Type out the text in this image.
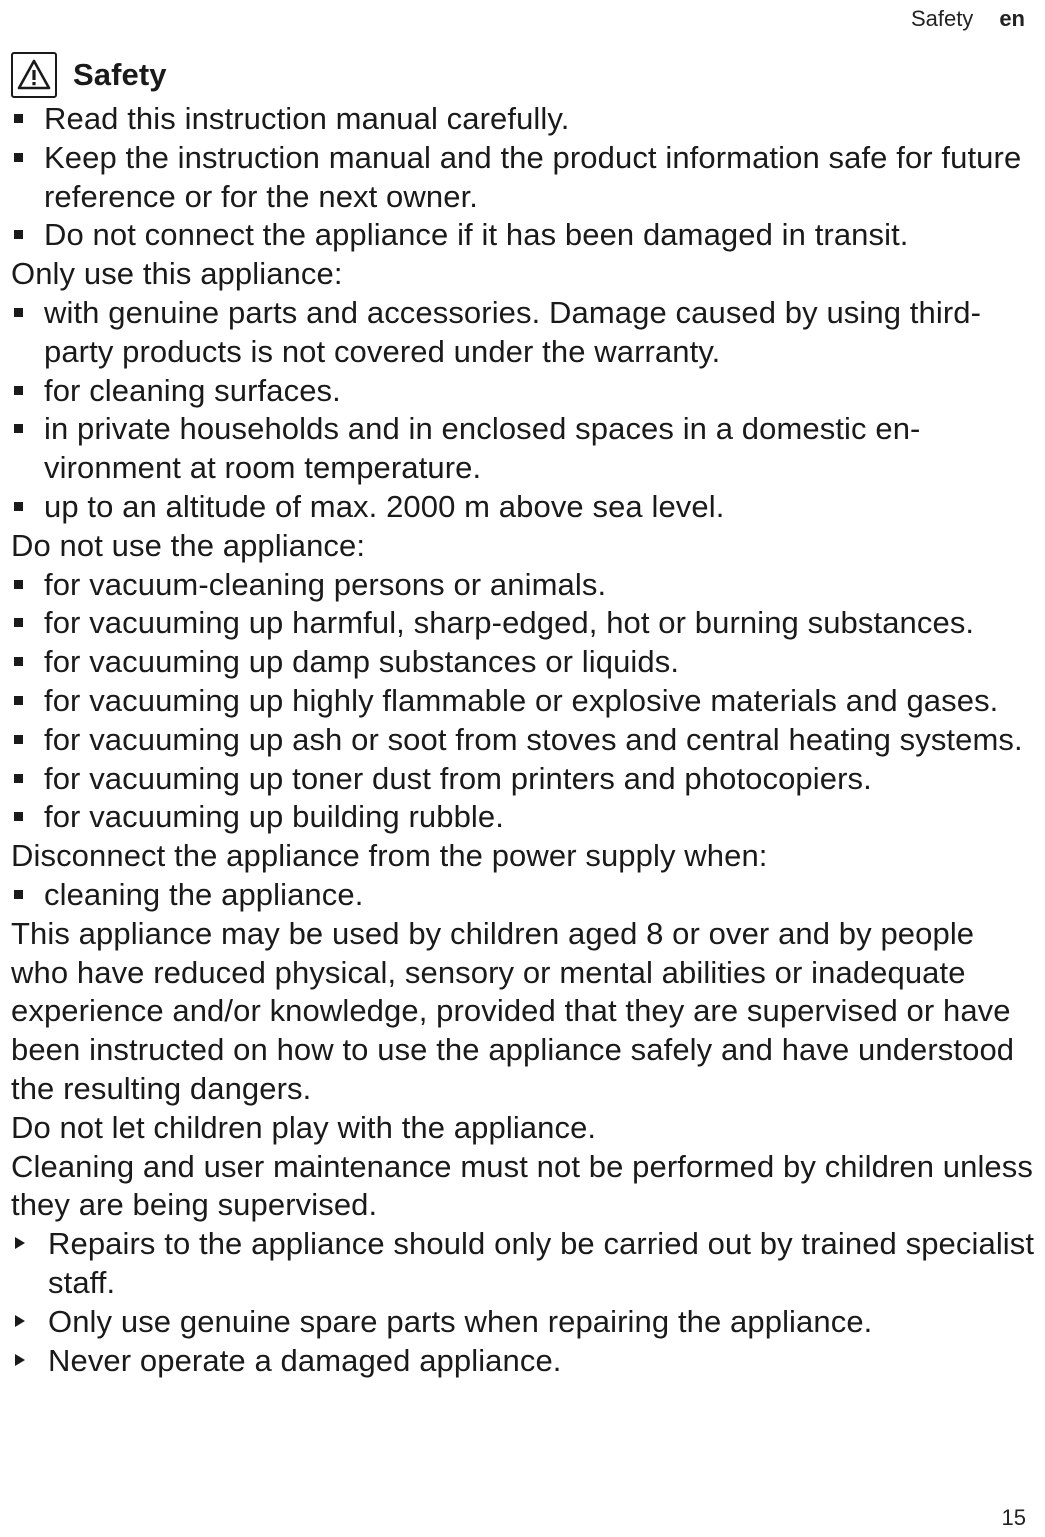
Safety en
Safety
Read this instruction manual carefully.
Keep the instruction manual and the product information safe for future reference or for the next owner.
Do not connect the appliance if it has been damaged in transit.

Only use this appliance:

with genuine parts and accessories. Damage caused by using third-party products is not covered under the warranty.
for cleaning surfaces.
in private households and in enclosed spaces in a domestic environment at room temperature.
up to an altitude of max. 2000 m above sea level.

Do not use the appliance:

for vacuum-cleaning persons or animals.
for vacuuming up harmful, sharp-edged, hot or burning substances.
for vacuuming up damp substances or liquids.
for vacuuming up highly flammable or explosive materials and gases.
for vacuuming up ash or soot from stoves and central heating systems.
for vacuuming up toner dust from printers and photocopiers.
for vacuuming up building rubble.

Disconnect the appliance from the power supply when:

cleaning the appliance.

This appliance may be used by children aged 8 or over and by people who have reduced physical, sensory or mental abilities or inadequate experience and/or knowledge, provided that they are supervised or have been instructed on how to use the appliance safely and have understood the resulting dangers.

Do not let children play with the appliance.

Cleaning and user maintenance must not be performed by children unless they are being supervised.

Repairs to the appliance should only be carried out by trained specialist staff.
Only use genuine spare parts when repairing the appliance.
Never operate a damaged appliance.
15
